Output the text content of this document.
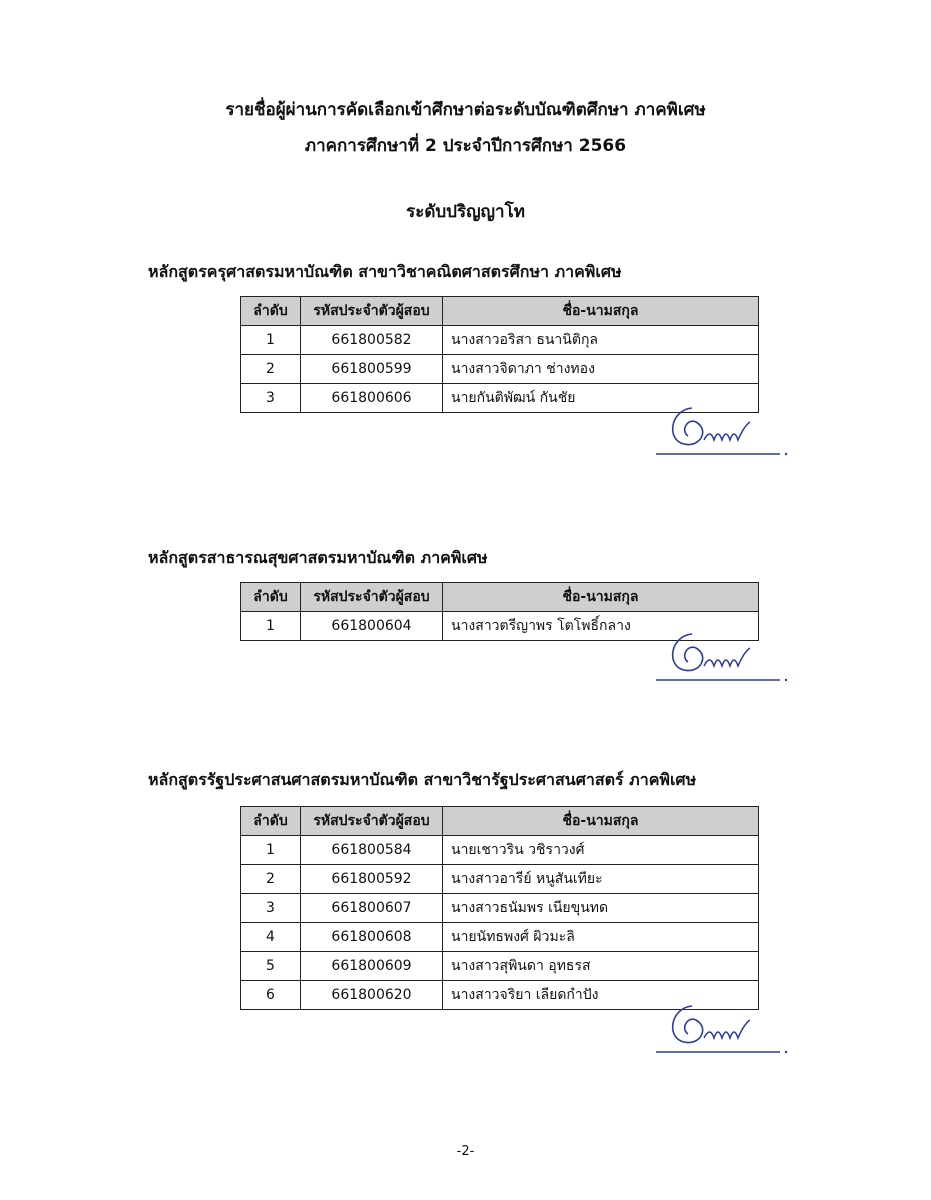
รายชื่อผู้ผ่านการคัดเลือกเข้าศึกษาต่อระดับบัณฑิตศึกษา ภาคพิเศษ
ภาคการศึกษาที่ 2 ประจำปีการศึกษา 2566
ระดับปริญญาโท
หลักสูตรครุศาสตรมหาบัณฑิต สาขาวิชาคณิตศาสตรศึกษา ภาคพิเศษ
ลำดับ	รหัสประจำตัวผู้สอบ	ชื่อ-นามสกุล
1	661800582	นางสาวอริสา ธนานิติกุล
2	661800599	นางสาวจิดาภา ช่างทอง
3	661800606	นายกันติพัฒน์ กันชัย
หลักสูตรสาธารณสุขศาสตรมหาบัณฑิต ภาคพิเศษ
ลำดับ	รหัสประจำตัวผู้สอบ	ชื่อ-นามสกุล
1	661800604	นางสาวตรีญาพร โตโพธิ์กลาง
หลักสูตรรัฐประศาสนศาสตรมหาบัณฑิต สาขาวิชารัฐประศาสนศาสตร์ ภาคพิเศษ
ลำดับ	รหัสประจำตัวผู้สอบ	ชื่อ-นามสกุล
1	661800584	นายเชาวริน วชิราวงศ์
2	661800592	นางสาวอารีย์ หนูสันเทียะ
3	661800607	นางสาวธนัมพร เนียขุนทด
4	661800608	นายนัทธพงศ์ ผิวมะลิ
5	661800609	นางสาวสุพินดา อุทธรส
6	661800620	นางสาวจริยา เลียดกำปัง
-2-
